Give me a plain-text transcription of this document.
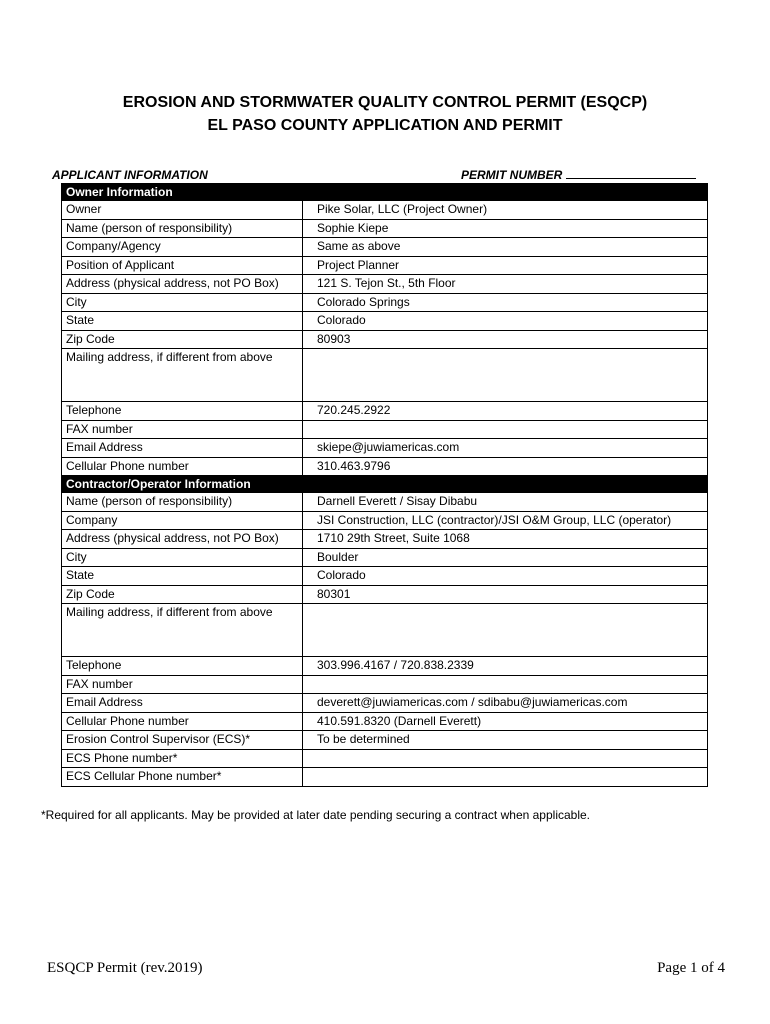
EROSION AND STORMWATER QUALITY CONTROL PERMIT (ESQCP)
EL PASO COUNTY APPLICATION AND PERMIT
APPLICANT INFORMATION	PERMIT NUMBER
Owner Information	
Owner	Pike Solar, LLC (Project Owner)
Name (person of responsibility)	Sophie Kiepe
Company/Agency	Same as above
Position of Applicant	Project Planner
Address (physical address, not PO Box)	121 S. Tejon St., 5th Floor
City	Colorado Springs
State	Colorado
Zip Code	80903
Mailing address, if different from above	
Telephone	720.245.2922
FAX number	
Email Address	skiepe@juwiamericas.com
Cellular Phone number	310.463.9796
Contractor/Operator Information	
Name (person of responsibility)	Darnell Everett / Sisay Dibabu
Company	JSI Construction, LLC (contractor)/JSI O&M Group, LLC (operator)
Address (physical address, not PO Box)	1710 29th Street, Suite 1068
City	Boulder
State	Colorado
Zip Code	80301
Mailing address, if different from above	
Telephone	303.996.4167 / 720.838.2339
FAX number	
Email Address	deverett@juwiamericas.com / sdibabu@juwiamericas.com
Cellular Phone number	410.591.8320 (Darnell Everett)
Erosion Control Supervisor (ECS)*	To be determined
ECS Phone number*	
ECS Cellular Phone number*	
*Required for all applicants. May be provided at later date pending securing a contract when applicable.
ESQCP Permit (rev.2019)	Page 1 of 4
